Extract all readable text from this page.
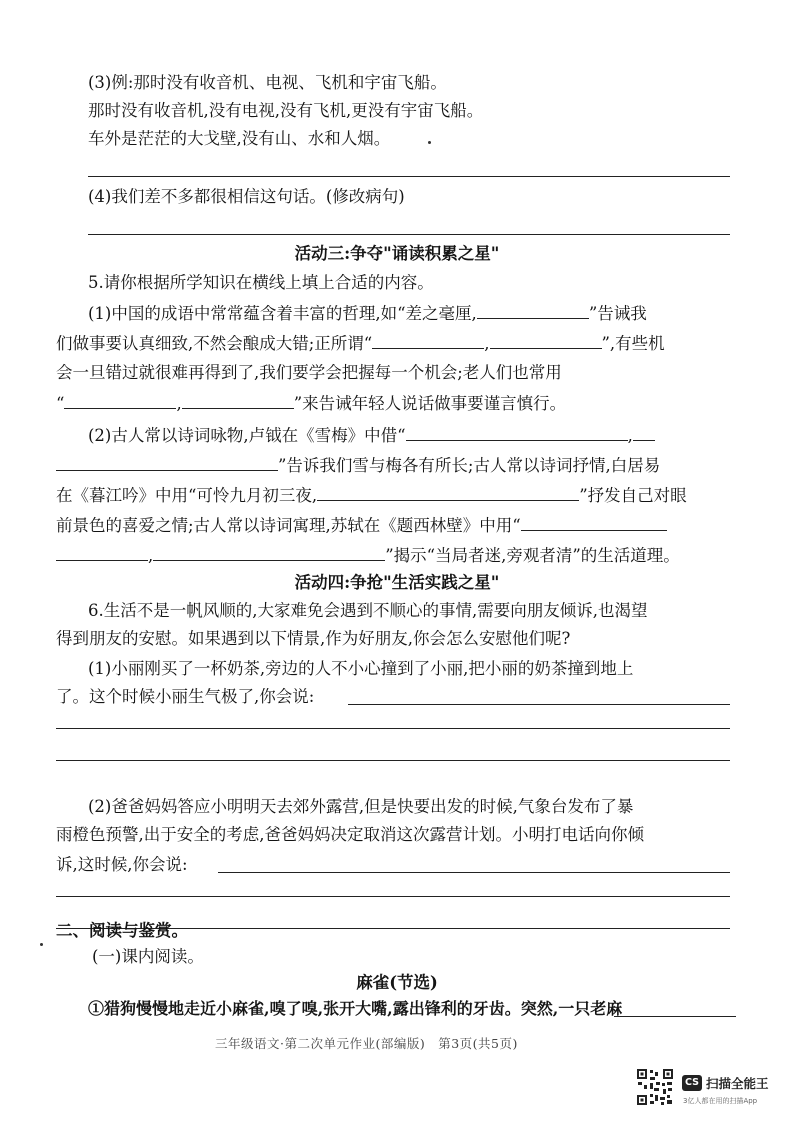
(3)例:那时没有收音机、电视、飞机和宇宙飞船。
那时没有收音机,没有电视,没有飞机,更没有宇宙飞船。
车外是茫茫的大戈壁,没有山、水和人烟。
(4)我们差不多都很相信这句话。(修改病句)
活动三:争夺"诵读积累之星"
5.请你根据所学知识在横线上填上合适的内容。
(1)中国的成语中常常蕴含着丰富的哲理,如“差之毫厘,	”告诫我
们做事要认真细致,不然会酿成大错;正所谓“	,	”,有些机
会一旦错过就很难再得到了,我们要学会把握每一个机会;老人们也常用
“	,	”来告诫年轻人说话做事要谨言慎行。
(2)古人常以诗词咏物,卢钺在《雪梅》中借“	,
”告诉我们雪与梅各有所长;古人常以诗词抒情,白居易
在《暮江吟》中用“可怜九月初三夜,	”抒发自己对眼
前景色的喜爱之情;古人常以诗词寓理,苏轼在《题西林壁》中用“
,	”揭示“当局者迷,旁观者清”的生活道理。
活动四:争抢"生活实践之星"
6.生活不是一帆风顺的,大家难免会遇到不顺心的事情,需要向朋友倾诉,也渴望
得到朋友的安慰。如果遇到以下情景,作为好朋友,你会怎么安慰他们呢?
(1)小丽刚买了一杯奶茶,旁边的人不小心撞到了小丽,把小丽的奶茶撞到地上
了。这个时候小丽生气极了,你会说:
(2)爸爸妈妈答应小明明天去郊外露营,但是快要出发的时候,气象台发布了暴
雨橙色预警,出于安全的考虑,爸爸妈妈决定取消这次露营计划。小明打电话向你倾
诉,这时候,你会说:
二、阅读与鉴赏。
(一)课内阅读。
麻雀(节选)
①猎狗慢慢地走近小麻雀,嗅了嗅,张开大嘴,露出锋利的牙齿。突然,一只老麻
三年级语文·第二次单元作业(部编版)　第3页(共5页)
CS 扫描全能王
3亿人都在用的扫描App
